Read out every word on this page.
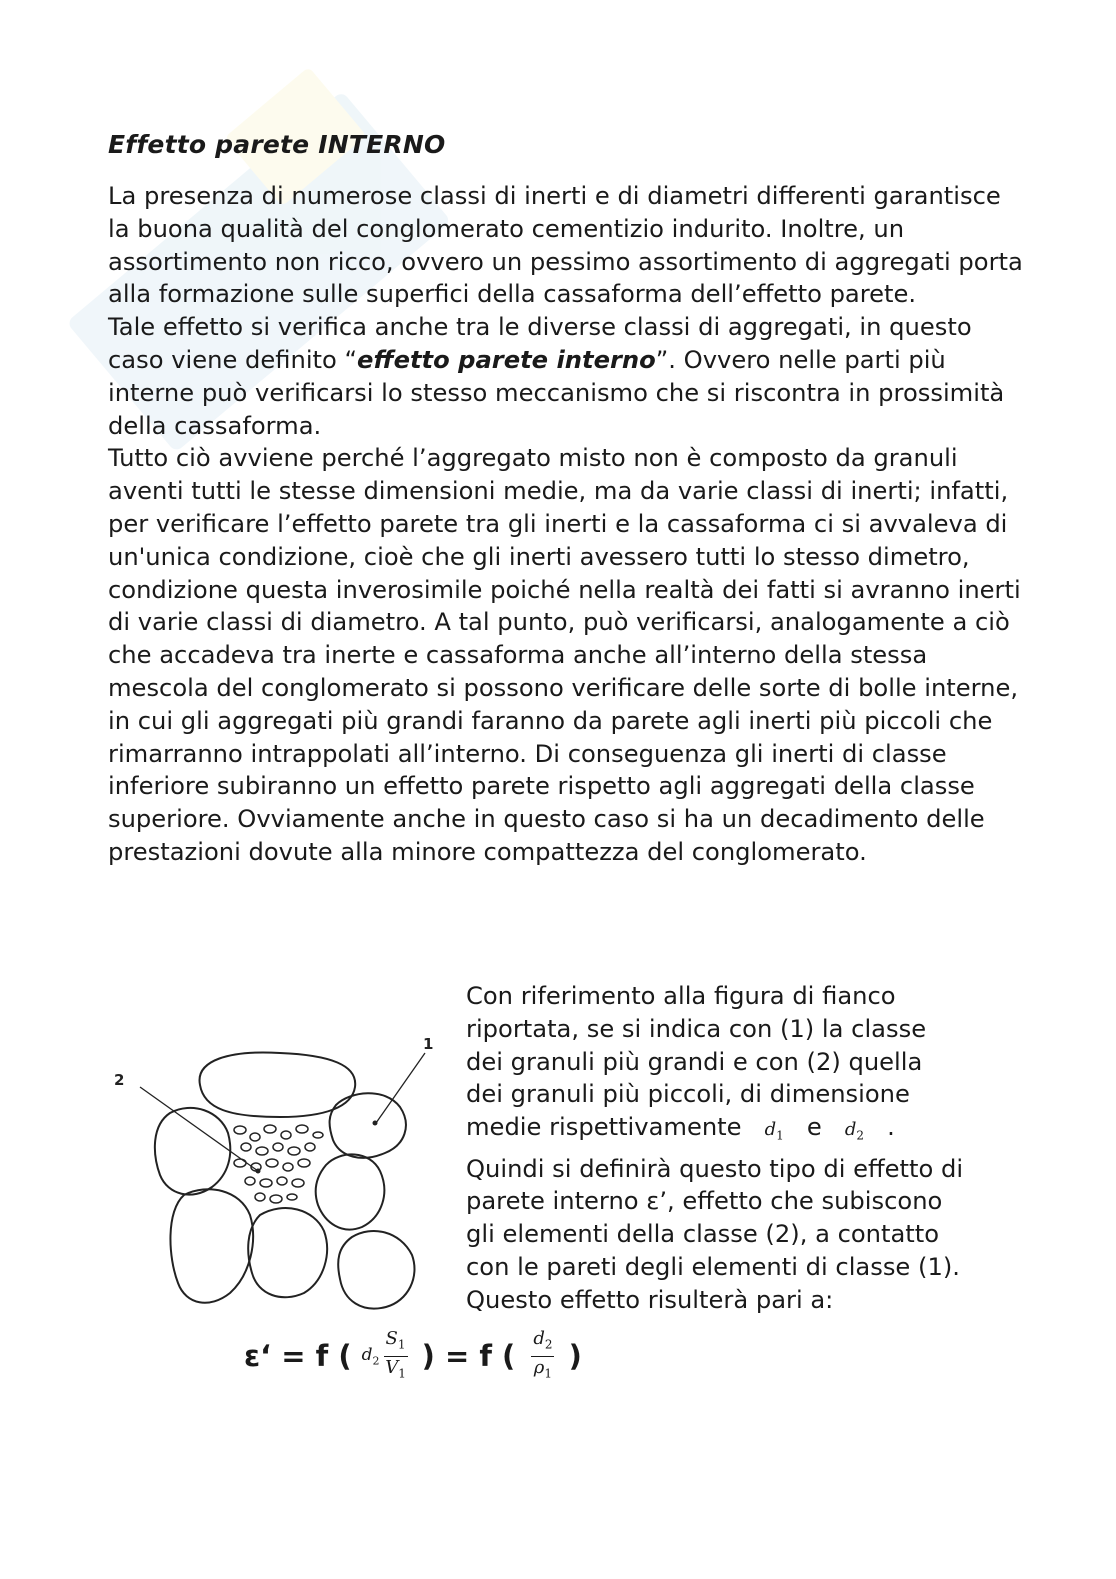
Effetto parete INTERNO

La presenza di numerose classi di inerti e di diametri differenti garantisce la buona qualità del conglomerato cementizio indurito. Inoltre, un assortimento non ricco, ovvero un pessimo assortimento di aggregati porta alla formazione sulle superfici della cassaforma dell’effetto parete.

Tale effetto si verifica anche tra le diverse classi di aggregati, in questo caso viene definito “effetto parete interno”. Ovvero nelle parti più interne può verificarsi lo stesso meccanismo che si riscontra in prossimità della cassaforma.

Tutto ciò avviene perché l’aggregato misto non è composto da granuli aventi tutti le stesse dimensioni medie, ma da varie classi di inerti; infatti, per verificare l’effetto parete tra gli inerti e la cassaforma ci si avvaleva di un'unica condizione, cioè che gli inerti avessero tutti lo stesso dimetro, condizione questa inverosimile poiché nella realtà dei fatti si avranno inerti di varie classi di diametro. A tal punto, può verificarsi, analogamente a ciò che accadeva tra inerte e cassaforma anche all’interno della stessa mescola del conglomerato si possono verificare delle sorte di bolle interne, in cui gli aggregati più grandi faranno da parete agli inerti più piccoli che rimarranno intrappolati all’interno. Di conseguenza gli inerti di classe inferiore subiranno un effetto parete rispetto agli aggregati della classe superiore. Ovviamente anche in questo caso si ha un decadimento delle prestazioni dovute alla minore compattezza del conglomerato.

1
2
Con riferimento alla figura di fianco
riportata, se si indica con (1) la classe
dei granuli più grandi e con (2) quella
dei granuli più piccoli, di dimensione
medie rispettivamente $d_1$ e $d_2$ .
Quindi si definirà questo tipo di effetto di
parete interno ε’, effetto che subiscono
gli elementi della classe (2), a contatto
con le pareti degli elementi di classe (1).
Questo effetto risulterà pari a:
ε‘ = f ( $d_2 \frac{S_1}{V_1}$ ) = f ( $\frac{d_2}{\rho_1}$ )
